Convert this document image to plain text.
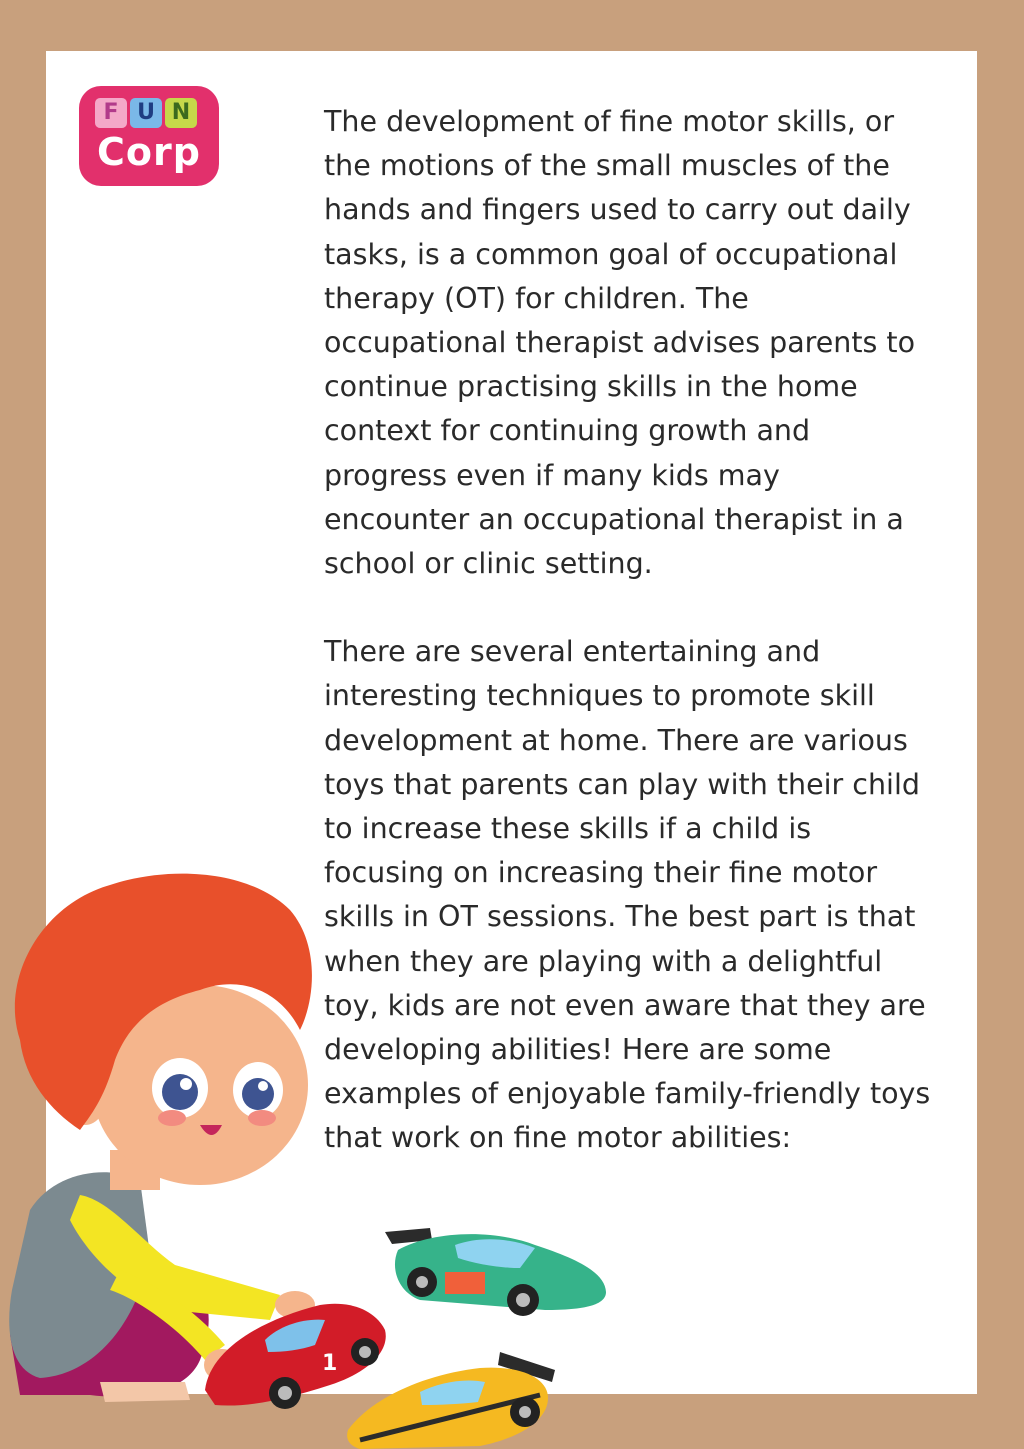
F U N
Corp

The development of fine motor skills, or the motions of the small muscles of the hands and fingers used to carry out daily tasks, is a common goal of occupational therapy (OT) for children. The occupational therapist advises parents to continue practising skills in the home context for continuing growth and progress even if many kids may encounter an occupational therapist in a school or clinic setting.

There are several entertaining and interesting techniques to promote skill development at home. There are various toys that parents can play with their child to increase these skills if a child is focusing on increasing their fine motor skills in OT sessions. The best part is that when they are playing with a delightful toy, kids are not even aware that they are developing abilities! Here are some examples of enjoyable family-friendly toys that work on fine motor abilities:

1
